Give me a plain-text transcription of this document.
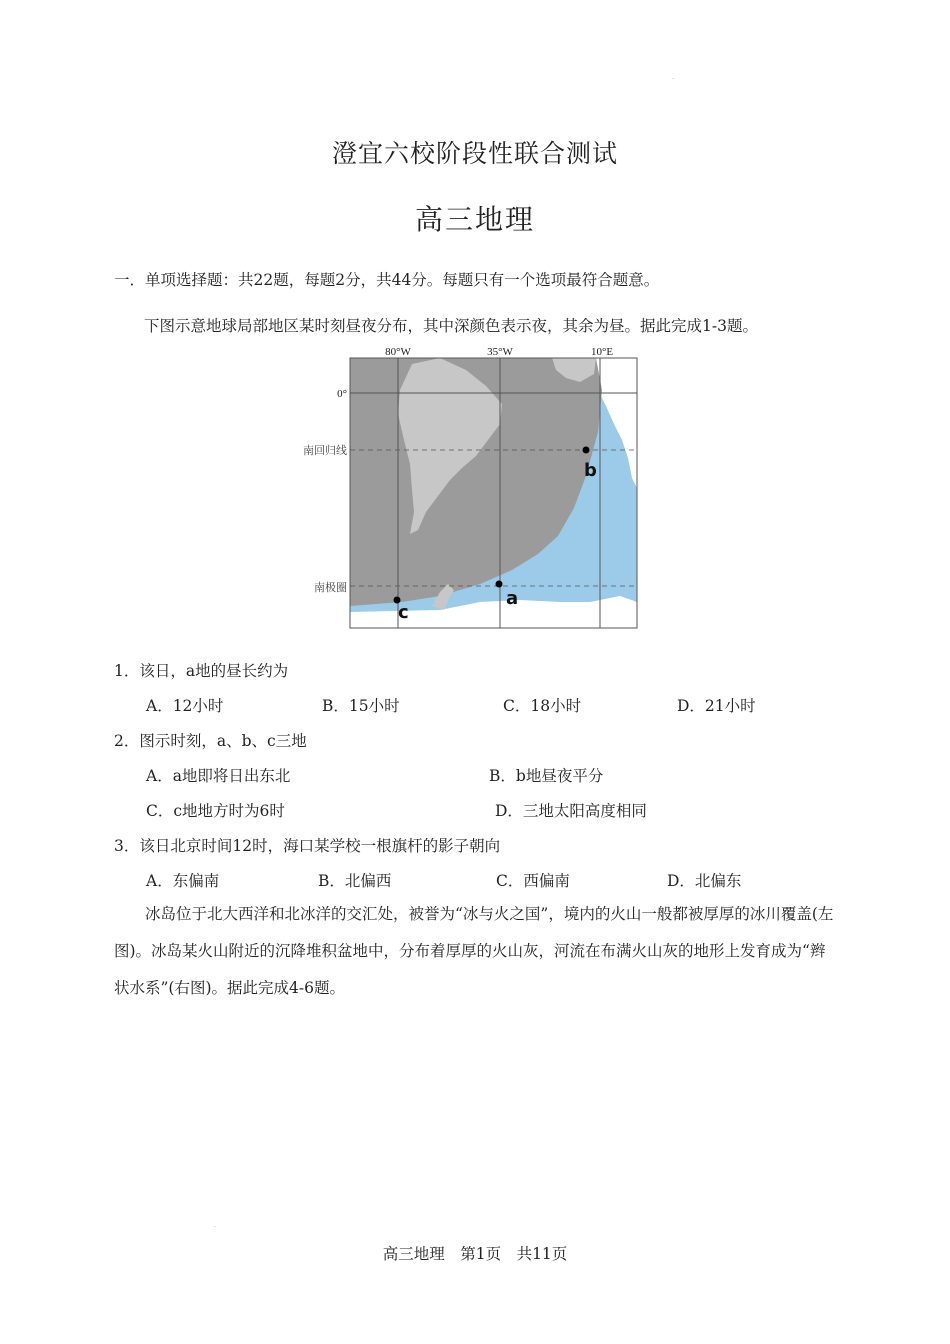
.
澄宜六校阶段性联合测试
高三地理
一．单项选择题：共22题，每题2分，共44分。每题只有一个选项最符合题意。
下图示意地球局部地区某时刻昼夜分布，其中深颜色表示夜，其余为昼。据此完成1-3题。
80°W	35°W	10°E
0°
南回归线
南极圈
a
b
c
1．该日，a地的昼长约为
A．12小时	B．15小时	C．18小时	D．21小时
2．图示时刻，a、b、c三地
A．a地即将日出东北	B．b地昼夜平分
C．c地地方时为6时	D．三地太阳高度相同
3．该日北京时间12时，海口某学校一根旗杆的影子朝向
A．东偏南	B．北偏西	C．西偏南	D．北偏东
冰岛位于北大西洋和北冰洋的交汇处，被誉为“冰与火之国”，境内的火山一般都被厚厚的冰川覆盖(左图)。冰岛某火山附近的沉降堆积盆地中，分布着厚厚的火山灰，河流在布满火山灰的地形上发育成为“辫状水系”(右图)。据此完成4-6题。
.
高三地理　第1页　共11页
